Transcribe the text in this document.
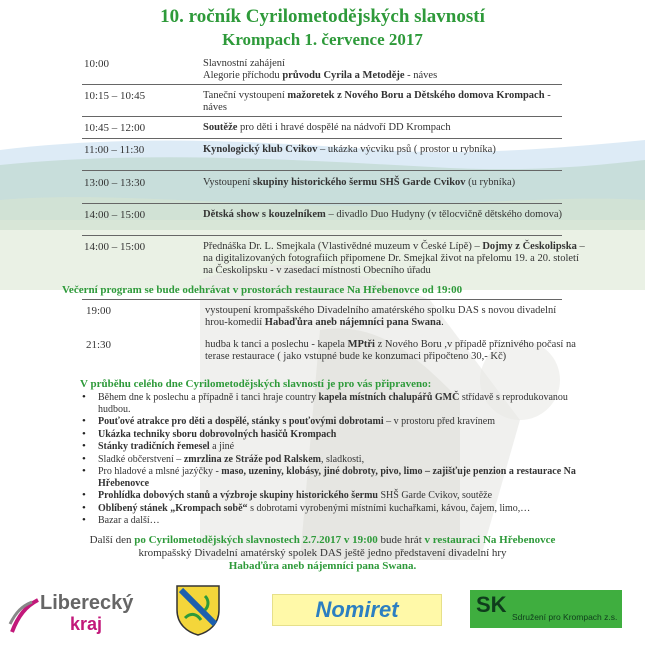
10. ročník Cyrilometodějských slavností
Krompach 1. července 2017
10:00	Slavnostní zahájení
Alegorie příchodu průvodu Cyrila a Metoděje - náves
10:15 – 10:45	Taneční vystoupení mažoretek z Nového Boru a Dětského domova Krompach - náves
10:45 – 12:00	Soutěže pro děti i hravé dospělé na nádvoří DD Krompach
11:00 – 11:30	Kynologický klub Cvikov – ukázka výcviku psů ( prostor u rybníka)
13:00 – 13:30	Vystoupení skupiny historického šermu SHŠ Garde Cvikov (u rybníka)
14:00 – 15:00	Dětská show s kouzelníkem – divadlo Duo Hudyny (v tělocvičně dětského domova)
14:00 – 15:00	Přednáška Dr. L. Smejkala (Vlastivědné muzeum v České Lípě) – Dojmy z Českolipska – na digitalizovaných fotografiích připomene Dr. Smejkal život na přelomu 19. a 20. století na Českolipsku - v zasedací místnosti Obecního úřadu
Večerní program se bude odehrávat v prostorách restaurace Na Hřebenovce od 19:00
19:00	vystoupení krompašského Divadelního amatérského spolku DAS s novou divadelní hrou-komedií Habaďůra aneb nájemníci pana Swana.
21:30	hudba k tanci a poslechu - kapela MPtři z Nového Boru ,v případě příznivého počasí na terase restaurace ( jako vstupné bude ke konzumaci připočteno 30,- Kč)
V průběhu celého dne Cyrilometodějských slavností je pro vás připraveno:
• Během dne k poslechu a případně i tanci hraje country kapela místních chalupářů GMČ střídavě s reprodukovanou hudbou.
• Pouťové atrakce pro děti a dospělé, stánky s pouťovými dobrotami – v prostoru před kravínem
• Ukázka techniky sboru dobrovolných hasičů Krompach
• Stánky tradičních řemesel a jiné
• Sladké občerstvení – zmrzlina ze Stráže pod Ralskem, sladkosti,
• Pro hladové a mlsné jazýčky - maso, uzeniny, klobásy, jiné dobroty, pivo, limo – zajišťuje penzion a restaurace Na Hřebenovce
• Prohlídka dobových stanů a výzbroje skupiny historického šermu SHŠ Garde Cvikov, soutěže
• Oblíbený stánek „Krompach sobě“ s dobrotami vyrobenými místními kuchařkami, kávou, čajem, limo,…
• Bazar a další…
Další den po Cyrilometodějských slavnostech 2.7.2017 v 19:00 bude hrát v restauraci Na Hřebenovce
krompašský Divadelní amatérský spolek DAS ještě jedno představení divadelní hry
Habaďůra aneb nájemníci pana Swana.
Liberecký
kraj
Nomiret	SK Sdružení pro Krompach z.s.
